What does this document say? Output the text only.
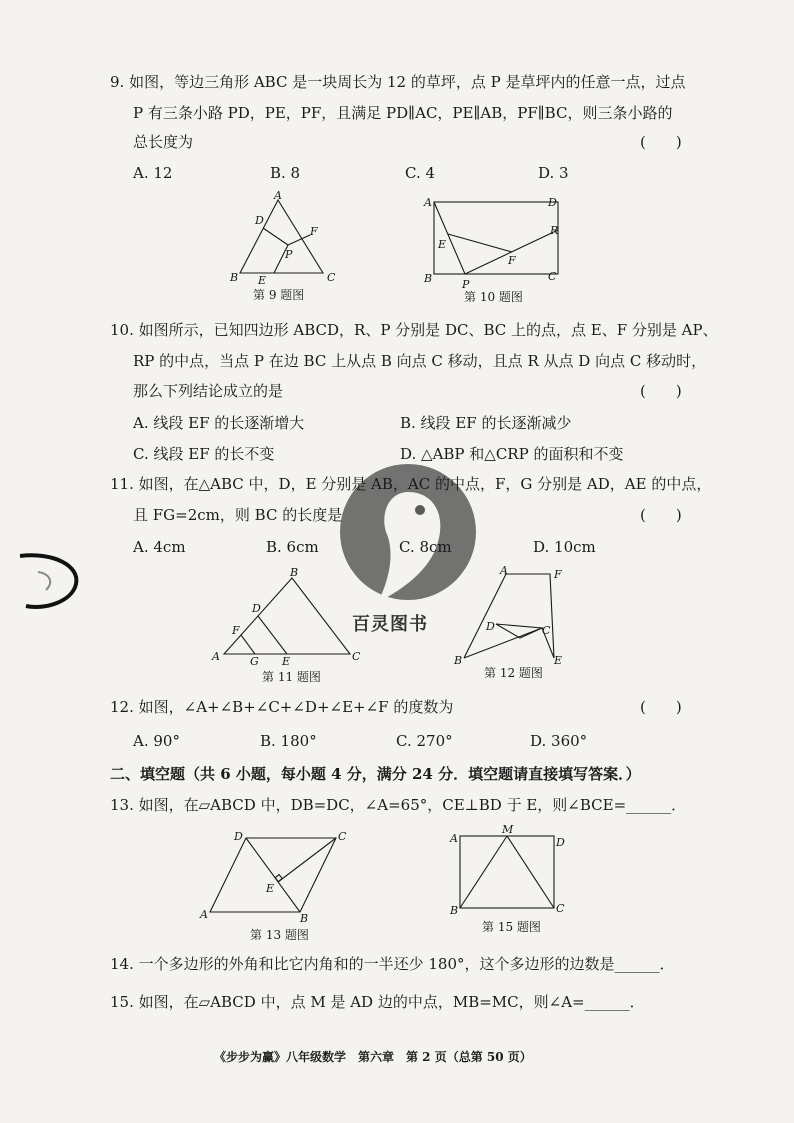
9. 如图，等边三角形 ABC 是一块周长为 12 的草坪，点 P 是草坪内的任意一点，过点
P 有三条小路 PD，PE，PF，且满足 PD∥AC，PE∥AB，PF∥BC，则三条小路的
总长度为	(　　)
A. 12	B. 8	C. 4	D. 3
A
D
F
P
B E	C
第 9 题图
A	D
R
E
F
B	P
C
第 10 题图
10. 如图所示，已知四边形 ABCD，R、P 分别是 DC、BC 上的点，点 E、F 分别是 AP、
RP 的中点，当点 P 在边 BC 上从点 B 向点 C 移动，且点 R 从点 D 向点 C 移动时，
那么下列结论成立的是	(　　)
A. 线段 EF 的长逐渐增大	B. 线段 EF 的长逐渐减少
C. 线段 EF 的长不变	D. △ABP 和△CRP 的面积和不变
百灵图书
11. 如图，在△ABC 中，D，E 分别是 AB，AC 的中点，F，G 分别是 AD，AE 的中点，
且 FG=2cm，则 BC 的长度是	(　　)
A. 4cm	B. 6cm	C. 8cm	D. 10cm
B
D
F
A	G E	C
第 11 题图
A	F
D	C
B	E
第 12 题图
12. 如图，∠A+∠B+∠C+∠D+∠E+∠F 的度数为	(　　)
A. 90°	B. 180°	C. 270°	D. 360°
二、填空题（共 6 小题，每小题 4 分，满分 24 分．填空题请直接填写答案．）
13. 如图，在▱ABCD 中，DB=DC，∠A=65°，CE⊥BD 于 E，则∠BCE=______．
D	C
E
A	B
第 13 题图
A
M
D
B	C
第 15 题图
14. 一个多边形的外角和比它内角和的一半还少 180°，这个多边形的边数是______．
15. 如图，在▱ABCD 中，点 M 是 AD 边的中点，MB=MC，则∠A=______．
《步步为赢》八年级数学　第六章　第 2 页（总第 50 页）
